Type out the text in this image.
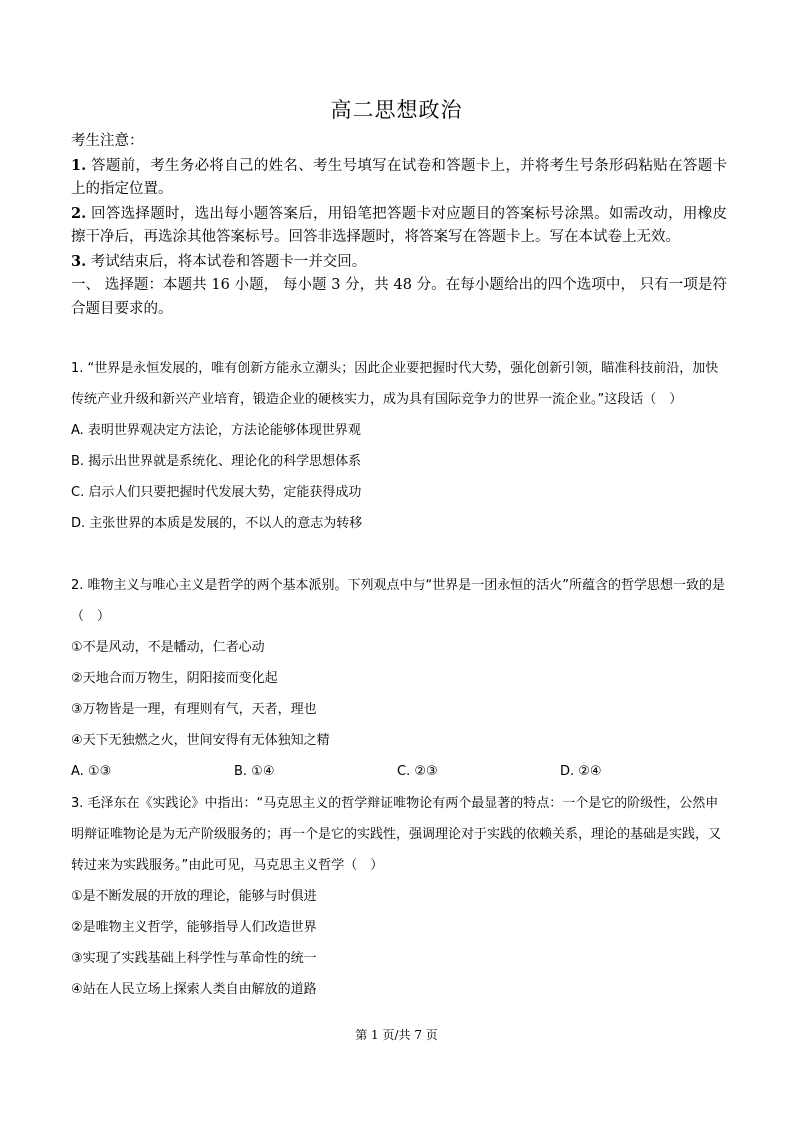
高二思想政治

考生注意：

1. 答题前，考生务必将自己的姓名、考生号填写在试卷和答题卡上，并将考生号条形码粘贴在答题卡上的指定位置。

2. 回答选择题时，选出每小题答案后，用铅笔把答题卡对应题目的答案标号涂黑。如需改动，用橡皮擦干净后，再选涂其他答案标号。回答非选择题时，将答案写在答题卡上。写在本试卷上无效。

3. 考试结束后，将本试卷和答题卡一并交回。

一、 选择题：本题共 16 小题， 每小题 3 分，共 48 分。在每小题给出的四个选项中， 只有一项是符合题目要求的。

1. “世界是永恒发展的，唯有创新方能永立潮头；因此企业要把握时代大势，强化创新引领，瞄准科技前沿，加快传统产业升级和新兴产业培育，锻造企业的硬核实力，成为具有国际竞争力的世界一流企业。”这段话（　）

A. 表明世界观决定方法论，方法论能够体现世界观

B. 揭示出世界就是系统化、理论化的科学思想体系

C. 启示人们只要把握时代发展大势，定能获得成功

D. 主张世界的本质是发展的，不以人的意志为转移

2. 唯物主义与唯心主义是哲学的两个基本派别。下列观点中与“世界是一团永恒的活火”所蕴含的哲学思想一致的是（　）

①不是风动，不是幡动，仁者心动

②天地合而万物生，阴阳接而变化起

③万物皆是一理，有理则有气，天者，理也

④天下无独燃之火，世间安得有无体独知之精

A. ①③	B. ①④	C. ②③	D. ②④

3. 毛泽东在《实践论》中指出：“马克思主义的哲学辩证唯物论有两个最显著的特点：一个是它的阶级性，公然申明辩证唯物论是为无产阶级服务的；再一个是它的实践性，强调理论对于实践的依赖关系，理论的基础是实践，又转过来为实践服务。”由此可见，马克思主义哲学（　）

①是不断发展的开放的理论，能够与时俱进

②是唯物主义哲学，能够指导人们改造世界

③实现了实践基础上科学性与革命性的统一

④站在人民立场上探索人类自由解放的道路

第 1 页/共 7 页
